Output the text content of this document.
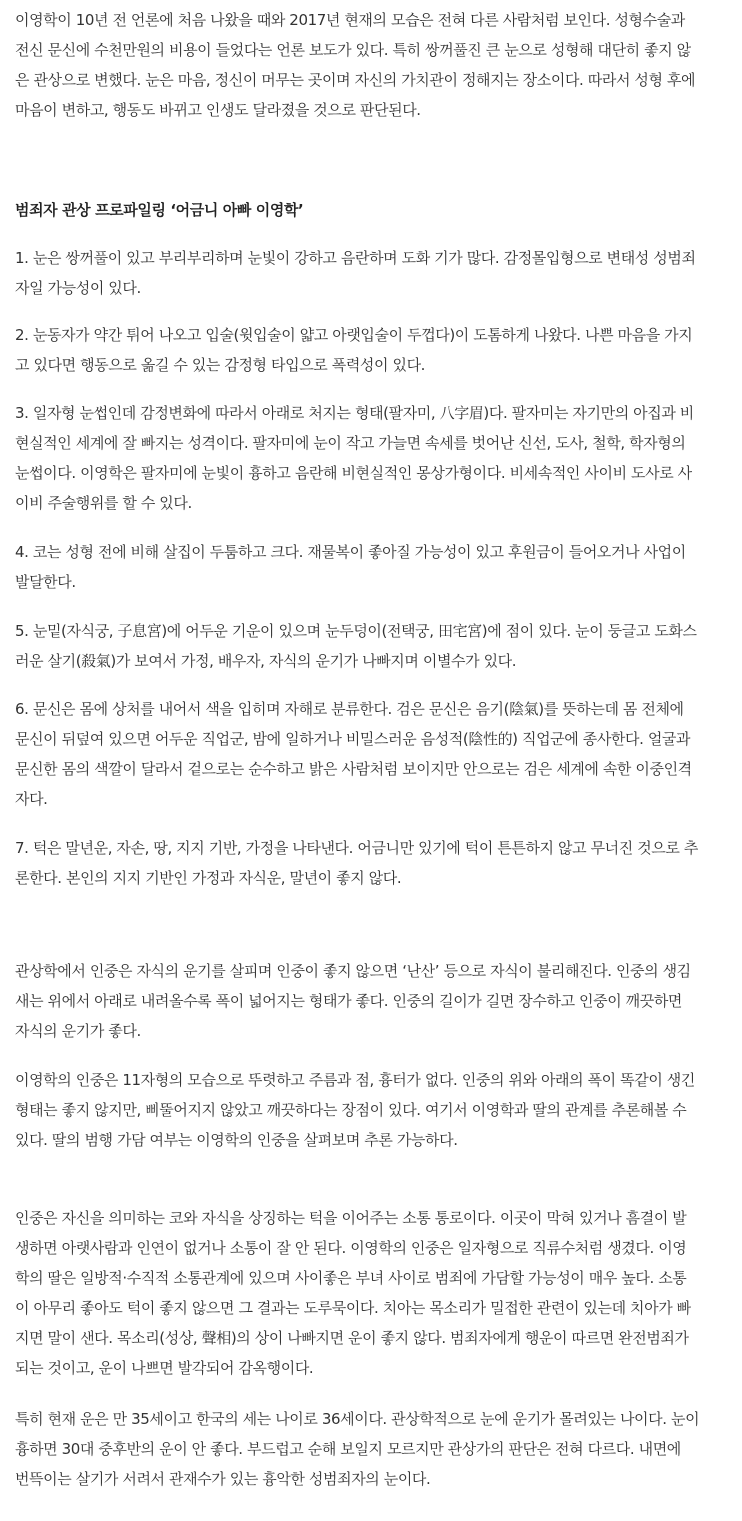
이영학이 10년 전 언론에 처음 나왔을 때와 2017년 현재의 모습은 전혀 다른 사람처럼 보인다. 성형수술과
전신 문신에 수천만원의 비용이 들었다는 언론 보도가 있다. 특히 쌍꺼풀진 큰 눈으로 성형해 대단히 좋지 않
은 관상으로 변했다. 눈은 마음, 정신이 머무는 곳이며 자신의 가치관이 정해지는 장소이다. 따라서 성형 후에
마음이 변하고, 행동도 바뀌고 인생도 달라졌을 것으로 판단된다.

범죄자 관상 프로파일링 ‘어금니 아빠 이영학’

1. 눈은 쌍꺼풀이 있고 부리부리하며 눈빛이 강하고 음란하며 도화 기가 많다. 감정몰입형으로 변태성 성범죄
자일 가능성이 있다.

2. 눈동자가 약간 튀어 나오고 입술(윗입술이 얇고 아랫입술이 두껍다)이 도톰하게 나왔다. 나쁜 마음을 가지
고 있다면 행동으로 옮길 수 있는 감정형 타입으로 폭력성이 있다.

3. 일자형 눈썹인데 감정변화에 따라서 아래로 처지는 형태(팔자미, 八字眉)다. 팔자미는 자기만의 아집과 비
현실적인 세계에 잘 빠지는 성격이다. 팔자미에 눈이 작고 가늘면 속세를 벗어난 신선, 도사, 철학, 학자형의
눈썹이다. 이영학은 팔자미에 눈빛이 흉하고 음란해 비현실적인 몽상가형이다. 비세속적인 사이비 도사로 사
이비 주술행위를 할 수 있다.

4. 코는 성형 전에 비해 살집이 두툼하고 크다. 재물복이 좋아질 가능성이 있고 후원금이 들어오거나 사업이
발달한다.

5. 눈밑(자식궁, 子息宮)에 어두운 기운이 있으며 눈두덩이(전택궁, 田宅宮)에 점이 있다. 눈이 둥글고 도화스
러운 살기(殺氣)가 보여서 가정, 배우자, 자식의 운기가 나빠지며 이별수가 있다.

6. 문신은 몸에 상처를 내어서 색을 입히며 자해로 분류한다. 검은 문신은 음기(陰氣)를 뜻하는데 몸 전체에
문신이 뒤덮여 있으면 어두운 직업군, 밤에 일하거나 비밀스러운 음성적(陰性的) 직업군에 종사한다. 얼굴과
문신한 몸의 색깔이 달라서 겉으로는 순수하고 밝은 사람처럼 보이지만 안으로는 검은 세계에 속한 이중인격
자다.

7. 턱은 말년운, 자손, 땅, 지지 기반, 가정을 나타낸다. 어금니만 있기에 턱이 튼튼하지 않고 무너진 것으로 추
론한다. 본인의 지지 기반인 가정과 자식운, 말년이 좋지 않다.

관상학에서 인중은 자식의 운기를 살피며 인중이 좋지 않으면 ‘난산’ 등으로 자식이 불리해진다. 인중의 생김
새는 위에서 아래로 내려올수록 폭이 넓어지는 형태가 좋다. 인중의 길이가 길면 장수하고 인중이 깨끗하면
자식의 운기가 좋다.

이영학의 인중은 11자형의 모습으로 뚜렷하고 주름과 점, 흉터가 없다. 인중의 위와 아래의 폭이 똑같이 생긴
형태는 좋지 않지만, 삐뚤어지지 않았고 깨끗하다는 장점이 있다. 여기서 이영학과 딸의 관계를 추론해볼 수
있다. 딸의 범행 가담 여부는 이영학의 인중을 살펴보며 추론 가능하다.

인중은 자신을 의미하는 코와 자식을 상징하는 턱을 이어주는 소통 통로이다. 이곳이 막혀 있거나 흠결이 발
생하면 아랫사람과 인연이 없거나 소통이 잘 안 된다. 이영학의 인중은 일자형으로 직류수처럼 생겼다. 이영
학의 딸은 일방적·수직적 소통관계에 있으며 사이좋은 부녀 사이로 범죄에 가담할 가능성이 매우 높다. 소통
이 아무리 좋아도 턱이 좋지 않으면 그 결과는 도루묵이다. 치아는 목소리가 밀접한 관련이 있는데 치아가 빠
지면 말이 샌다. 목소리(성상, 聲相)의 상이 나빠지면 운이 좋지 않다. 범죄자에게 행운이 따르면 완전범죄가
되는 것이고, 운이 나쁘면 발각되어 감옥행이다.

특히 현재 운은 만 35세이고 한국의 세는 나이로 36세이다. 관상학적으로 눈에 운기가 몰려있는 나이다. 눈이
흉하면 30대 중후반의 운이 안 좋다. 부드럽고 순해 보일지 모르지만 관상가의 판단은 전혀 다르다. 내면에
번뜩이는 살기가 서려서 관재수가 있는 흉악한 성범죄자의 눈이다.
